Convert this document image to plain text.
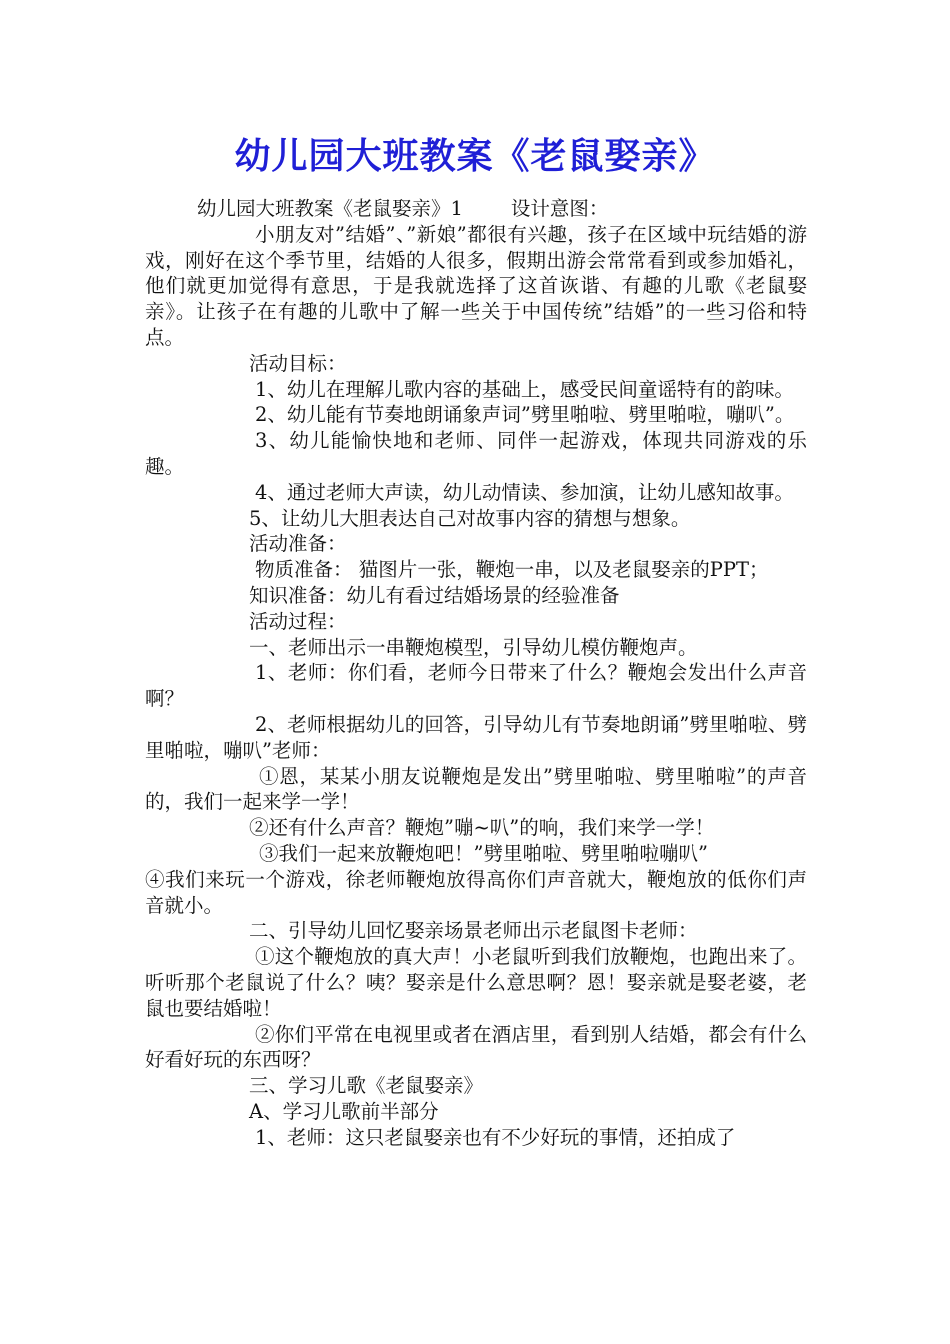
幼儿园大班教案《老鼠娶亲》
幼儿园大班教案《老鼠娶亲》1	设计意图：

小朋友对”结婚”、”新娘”都很有兴趣，孩子在区域中玩结婚的游戏，刚好在这个季节里，结婚的人很多，假期出游会常常看到或参加婚礼，他们就更加觉得有意思，于是我就选择了这首诙谐、有趣的儿歌《老鼠娶亲》。让孩子在有趣的儿歌中了解一些关于中国传统”结婚”的一些习俗和特点。

活动目标：

1、幼儿在理解儿歌内容的基础上，感受民间童谣特有的韵味。

2、幼儿能有节奏地朗诵象声词”劈里啪啦、劈里啪啦，嘣叭”。

3、幼儿能愉快地和老师、同伴一起游戏，体现共同游戏的乐趣。

4、通过老师大声读，幼儿动情读、参加演，让幼儿感知故事。

5、让幼儿大胆表达自己对故事内容的猜想与想象。

活动准备：

物质准备： 猫图片一张，鞭炮一串，以及老鼠娶亲的PPT；

知识准备：幼儿有看过结婚场景的经验准备

活动过程：

一、老师出示一串鞭炮模型，引导幼儿模仿鞭炮声。

1、老师：你们看，老师今日带来了什么？鞭炮会发出什么声音啊？

2、老师根据幼儿的回答，引导幼儿有节奏地朗诵”劈里啪啦、劈里啪啦，嘣叭”老师：

①恩，某某小朋友说鞭炮是发出”劈里啪啦、劈里啪啦”的声音的，我们一起来学一学！

②还有什么声音？鞭炮”嘣~叭”的响，我们来学一学！

③我们一起来放鞭炮吧！”劈里啪啦、劈里啪啦嘣叭”

④我们来玩一个游戏，徐老师鞭炮放得高你们声音就大，鞭炮放的低你们声音就小。

二、引导幼儿回忆娶亲场景老师出示老鼠图卡老师：

①这个鞭炮放的真大声！小老鼠听到我们放鞭炮，也跑出来了。听听那个老鼠说了什么？咦？娶亲是什么意思啊？恩！娶亲就是娶老婆，老鼠也要结婚啦！

②你们平常在电视里或者在酒店里，看到别人结婚，都会有什么好看好玩的东西呀？

三、学习儿歌《老鼠娶亲》

A、学习儿歌前半部分

1、老师：这只老鼠娶亲也有不少好玩的事情，还拍成了
